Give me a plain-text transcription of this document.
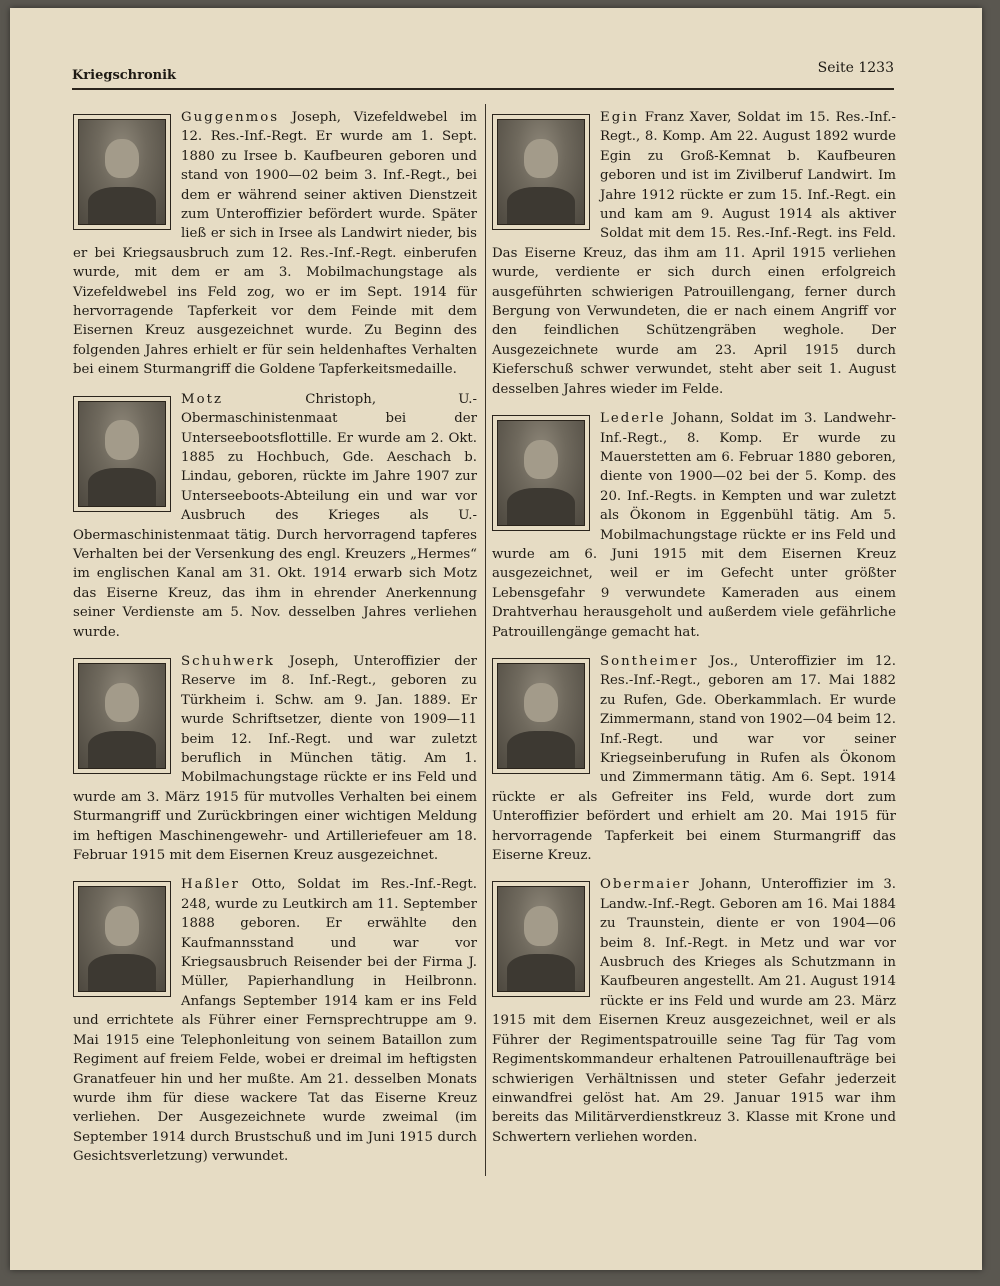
Kriegschronik	Seite 1233
Guggenmos Joseph, Vizefeldwebel im 12. Res.-Inf.-Regt. Er wurde am 1. Sept. 1880 zu Irsee b. Kaufbeuren geboren und stand von 1900—02 beim 3. Inf.-Regt., bei dem er während seiner aktiven Dienstzeit zum Unteroffizier befördert wurde. Später ließ er sich in Irsee als Landwirt nieder, bis er bei Kriegsausbruch zum 12. Res.-Inf.-Regt. einberufen wurde, mit dem er am 3. Mobilmachungstage als Vizefeldwebel ins Feld zog, wo er im Sept. 1914 für hervorragende Tapferkeit vor dem Feinde mit dem Eisernen Kreuz ausgezeichnet wurde. Zu Beginn des folgenden Jahres erhielt er für sein heldenhaftes Verhalten bei einem Sturmangriff die Goldene Tapferkeitsmedaille.
Motz	Christoph, U.-Obermaschinistenmaat bei der Unterseebootsflottille. Er wurde am 2. Okt. 1885 zu Hochbuch, Gde. Aeschach b. Lindau, geboren, rückte im Jahre 1907 zur Unterseeboots-Abteilung ein und war vor Ausbruch des Krieges als U.-Obermaschinistenmaat tätig. Durch hervorragend tapferes Verhalten bei der Versenkung des engl. Kreuzers „Hermes“ im englischen Kanal am 31. Okt. 1914 erwarb sich Motz das Eiserne Kreuz, das ihm in ehrender Anerkennung seiner Verdienste am 5. Nov. desselben Jahres verliehen wurde.
Schuhwerk Joseph, Unteroffizier der Reserve im 8. Inf.-Regt., geboren zu Türkheim i. Schw. am 9. Jan. 1889. Er wurde Schriftsetzer, diente von 1909—11 beim 12. Inf.-Regt. und war zuletzt beruflich in München tätig. Am 1. Mobilmachungstage rückte er ins Feld und wurde am 3. März 1915 für mutvolles Verhalten bei einem Sturmangriff und Zurückbringen einer wichtigen Meldung im heftigen Maschinengewehr- und Artilleriefeuer am 18. Februar 1915 mit dem Eisernen Kreuz ausgezeichnet.
Haßler Otto, Soldat im Res.-Inf.-Regt. 248, wurde zu Leutkirch am 11. September 1888 geboren. Er erwählte den Kaufmannsstand und war vor Kriegsausbruch Reisender bei der Firma J. Müller, Papierhandlung in Heilbronn. Anfangs September 1914 kam er ins Feld und errichtete als Führer einer Fernsprechtruppe am 9. Mai 1915 eine Telephonleitung von seinem Bataillon zum Regiment auf freiem Felde, wobei er dreimal im heftigsten Granatfeuer hin und her mußte. Am 21. desselben Monats wurde ihm für diese wackere Tat das Eiserne Kreuz verliehen. Der Ausgezeichnete wurde zweimal (im September 1914 durch Brustschuß und im Juni 1915 durch Gesichtsverletzung) verwundet.
Egin Franz Xaver, Soldat im 15. Res.-Inf.-Regt., 8. Komp. Am 22. August 1892 wurde Egin zu Groß-Kemnat b. Kaufbeuren geboren und ist im Zivilberuf Landwirt. Im Jahre 1912 rückte er zum 15. Inf.-Regt. ein und kam am 9. August 1914 als aktiver Soldat mit dem 15. Res.-Inf.-Regt. ins Feld. Das Eiserne Kreuz, das ihm am 11. April 1915 verliehen wurde, verdiente er sich durch einen erfolgreich ausgeführten schwierigen Patrouillengang, ferner durch Bergung von Verwundeten, die er nach einem Angriff vor den feindlichen Schützengräben weghole. Der Ausgezeichnete wurde am 23. April 1915 durch Kieferschuß schwer verwundet, steht aber seit 1. August desselben Jahres wieder im Felde.
Lederle Johann, Soldat im 3. Landwehr-Inf.-Regt., 8. Komp. Er wurde zu Mauerstetten am 6. Februar 1880 geboren, diente von 1900—02 bei der 5. Komp. des 20. Inf.-Regts. in Kempten und war zuletzt als Ökonom in Eggenbühl tätig. Am 5. Mobilmachungstage rückte er ins Feld und wurde am 6. Juni 1915 mit dem Eisernen Kreuz ausgezeichnet, weil er im Gefecht unter größter Lebensgefahr 9 verwundete Kameraden aus einem Drahtverhau herausgeholt und außerdem viele gefährliche Patrouillengänge gemacht hat.
Sontheimer Jos., Unteroffizier im 12. Res.-Inf.-Regt., geboren am 17. Mai 1882 zu Rufen, Gde. Oberkammlach. Er wurde Zimmermann, stand von 1902—04 beim 12. Inf.-Regt. und war vor seiner Kriegseinberufung in Rufen als Ökonom und Zimmermann tätig. Am 6. Sept. 1914 rückte er als Gefreiter ins Feld, wurde dort zum Unteroffizier befördert und erhielt am 20. Mai 1915 für hervorragende Tapferkeit bei einem Sturmangriff das Eiserne Kreuz.
Obermaier Johann, Unteroffizier im 3. Landw.-Inf.-Regt. Geboren am 16. Mai 1884 zu Traunstein, diente er von 1904—06 beim 8. Inf.-Regt. in Metz und war vor Ausbruch des Krieges als Schutzmann in Kaufbeuren angestellt. Am 21. August 1914 rückte er ins Feld und wurde am 23. März 1915 mit dem Eisernen Kreuz ausgezeichnet, weil er als Führer der Regimentspatrouille seine Tag für Tag vom Regimentskommandeur erhaltenen Patrouillenaufträge bei schwierigen Verhältnissen und steter Gefahr jederzeit einwandfrei gelöst hat. Am 29. Januar 1915 war ihm bereits das Militärverdienstkreuz 3. Klasse mit Krone und Schwertern verliehen worden.
